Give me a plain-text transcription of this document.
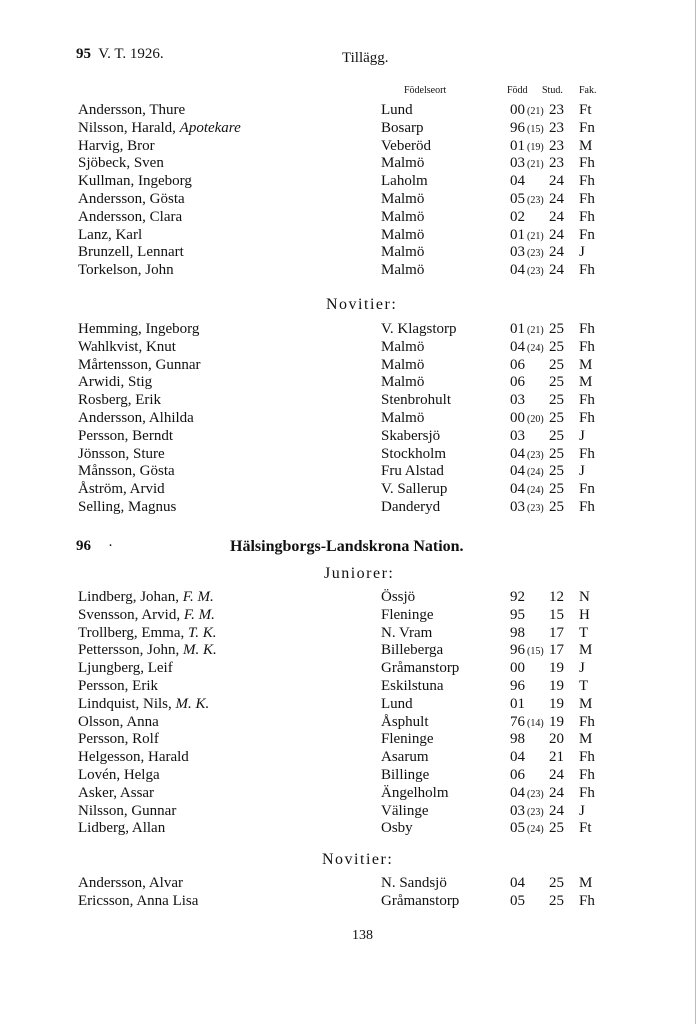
95 V. T. 1926.	Tillägg.
Födelseort	Född Stud. Fak.
Andersson, Thure	Lund	00 (21) 23 Ft
Nilsson, Harald, Apotekare	Bosarp	96 (15) 23 Fn
Harvig, Bror	Veberöd	01 (19) 23 M
Sjöbeck, Sven	Malmö	03 (21) 23 Fh
Kullman, Ingeborg	Laholm	04 24 Fh
Andersson, Gösta	Malmö	05 (23) 24 Fh
Andersson, Clara	Malmö	02 24 Fh
Lanz, Karl	Malmö	01 (21) 24 Fn
Brunzell, Lennart	Malmö	03 (23) 24 J
Torkelson, John	Malmö	04 (23) 24 Fh
Novitier:
Hemming, Ingeborg	V. Klagstorp	01 (21) 25 Fh
Wahlkvist, Knut	Malmö	04 (24) 25 Fh
Mårtensson, Gunnar	Malmö	06 25 M
Arwidi, Stig	Malmö	06 25 M
Rosberg, Erik	Stenbrohult	03 25 Fh
Andersson, Alhilda	Malmö	00 (20) 25 Fh
Persson, Berndt	Skabersjö	03 25 J
Jönsson, Sture	Stockholm	04 (23) 25 Fh
Månsson, Gösta	Fru Alstad	04 (24) 25 J
Åström, Arvid	V. Sallerup	04 (24) 25 Fn
Selling, Magnus	Danderyd	03 (23) 25 Fh
96 ·	Hälsingborgs-Landskrona Nation.
Juniorer:
Lindberg, Johan, F. M.	Össjö	92 12 N
Svensson, Arvid, F. M.	Fleninge	95 15 H
Trollberg, Emma, T. K.	N. Vram	98 17 T
Pettersson, John, M. K.	Billeberga	96 (15) 17 M
Ljungberg, Leif	Gråmanstorp	00 19 J
Persson, Erik	Eskilstuna	96 19 T
Lindquist, Nils, M. K.	Lund	01 19 M
Olsson, Anna	Åsphult	76 (14) 19 Fh
Persson, Rolf	Fleninge	98 20 M
Helgesson, Harald	Asarum	04 21 Fh
Lovén, Helga	Billinge	06 24 Fh
Asker, Assar	Ängelholm	04 (23) 24 Fh
Nilsson, Gunnar	Välinge	03 (23) 24 J
Lidberg, Allan	Osby	05 (24) 25 Ft
Novitier:
Andersson, Alvar	N. Sandsjö	04 25 M
Ericsson, Anna Lisa	Gråmanstorp	05 25 Fh
138
